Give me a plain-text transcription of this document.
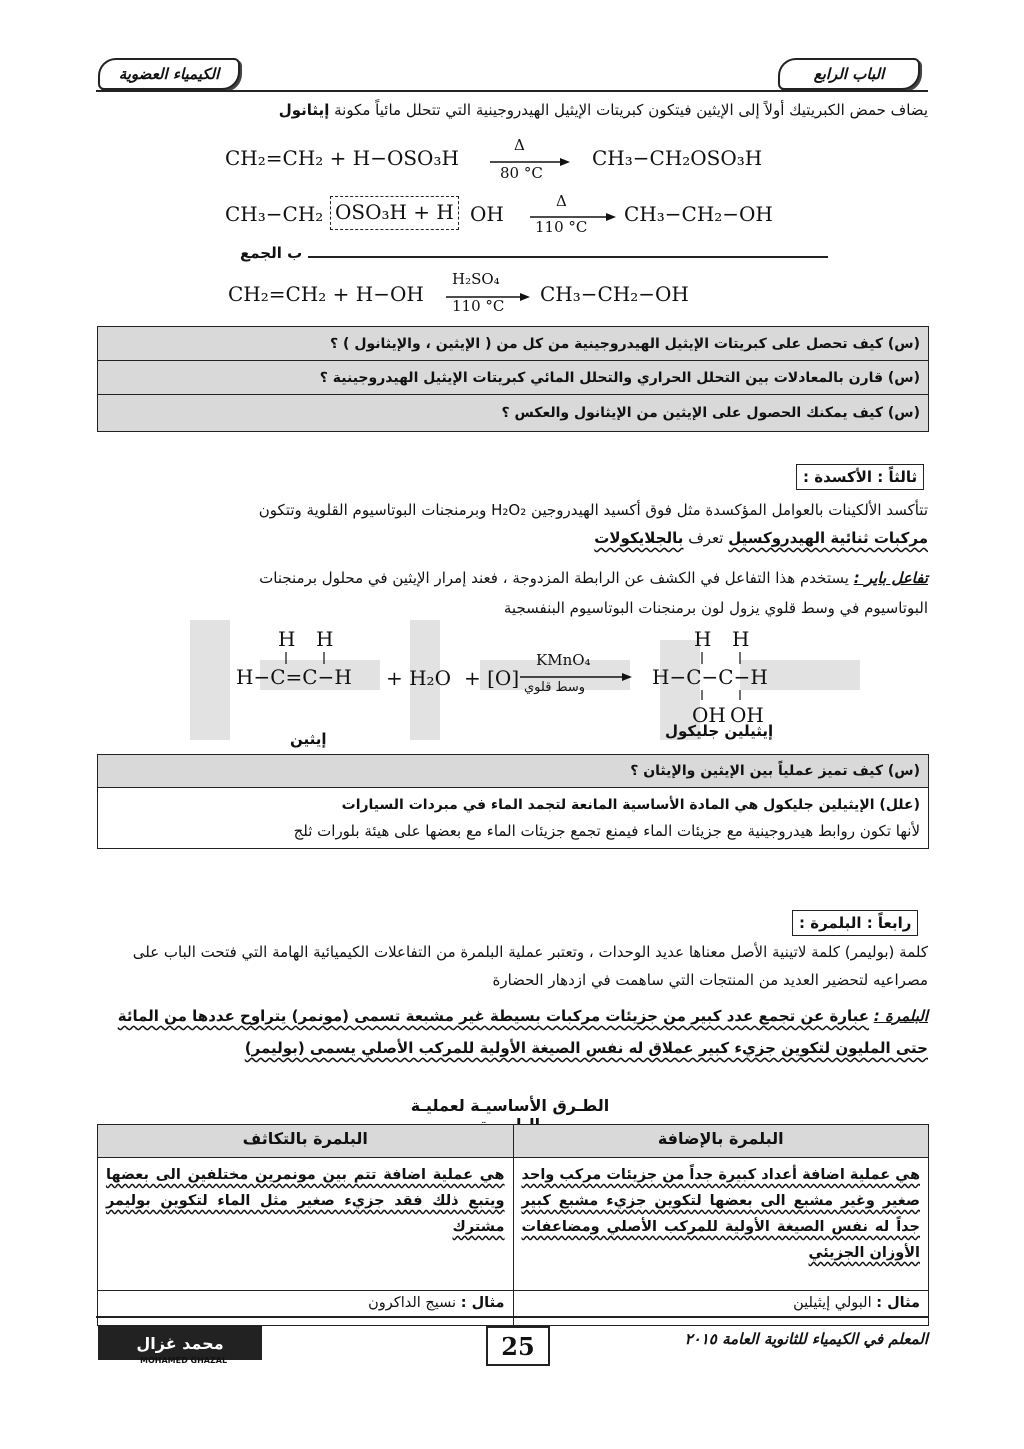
الكيمياء العضوية	الباب الرابع
يضاف حمض الكبريتيك أولاً إلى الإيثين فيتكون كبريتات الإيثيل الهيدروجينية التي تتحلل مائياً مكونة إيثانول
CH₂=CH₂ + H−OSO₃H
Δ
80 °C
CH₃−CH₂OSO₃H
CH₃−CH₂ OSO₃H + H OH
Δ
110 °C
CH₃−CH₂−OH
ب الجمع
CH₂=CH₂ + H−OH
H₂SO₄
110 °C CH₃−CH₂−OH
(س) كيف تحصل على كبريتات الإيثيل الهيدروجينية من كل من ( الإيثين ، والإيثانول ) ؟
(س) قارن بالمعادلات بين التحلل الحراري والتحلل المائي كبريتات الإيثيل الهيدروجينية ؟
(س) كيف يمكنك الحصول على الإيثين من الإيثانول والعكس ؟
ثالثاً : الأكسدة :
تتأكسد الألكينات بالعوامل المؤكسدة مثل فوق أكسيد الهيدروجين H₂O₂ وبرمنجنات البوتاسيوم القلوية وتتكون
مركبات ثنائية الهيدروكسيل تعرف بالجلايكولات
تفاعل باير : يستخدم هذا التفاعل في الكشف عن الرابطة المزدوجة ، فعند إمرار الإيثين في محلول برمنجنات
البوتاسيوم في وسط قلوي يزول لون برمنجنات البوتاسيوم البنفسجية
H H
H−C=C−H
H H
H−C−C−H
OH OH
+ H₂O + [O]
KMnO₄
وسط قلوي
إيثين	إيثيلين جليكول
(س) كيف تميز عملياً بين الإيثين والإيثان ؟
(علل) الإيثيلين جليكول هي المادة الأساسية المانعة لتجمد الماء في مبردات السيارات
لأنها تكون روابط هيدروجينية مع جزيئات الماء فيمنع تجمع جزيئات الماء مع بعضها على هيئة بلورات ثلج
رابعاً : البلمرة :
كلمة (بوليمر) كلمة لاتينية الأصل معناها عديد الوحدات ، وتعتبر عملية البلمرة من التفاعلات الكيميائية الهامة التي فتحت الباب على مصراعيه لتحضير العديد من المنتجات التي ساهمت في ازدهار الحضارة
البلمرة : عبارة عن تجمع عدد كبير من جزيئات مركبات بسيطة غير مشبعة تسمى (مونمر) يتراوح عددها من المائة حتى المليون لتكوين جزيء كبير عملاق له نفس الصيغة الأولية للمركب الأصلي يسمى (بوليمر)
الطـرق الأساسيـة لعمليـة
البلمرة بالإضافة	البلمرة بالتكاثف
هي عملية اضافة أعداد كبيرة جداً من جزيئات مركب واحد صغير وغير مشبع الى بعضها لتكوين جزيء مشبع كبير جداً له نفس الصيغة الأولية للمركب الأصلي ومضاعفات الأوزان الجزيئي	هي عملية اضافة تتم بين مونمرين مختلفين الى بعضها ويتبع ذلك فقد جزيء صغير مثل الماء لتكوين بوليمر مشترك
مثال : البولي إيثيلين	مثال : نسيج الداكرون
25
محمد غزال
MOHAMED GHAZAL
المعلم في الكيمياء للثانوية العامة ٢٠١٥
